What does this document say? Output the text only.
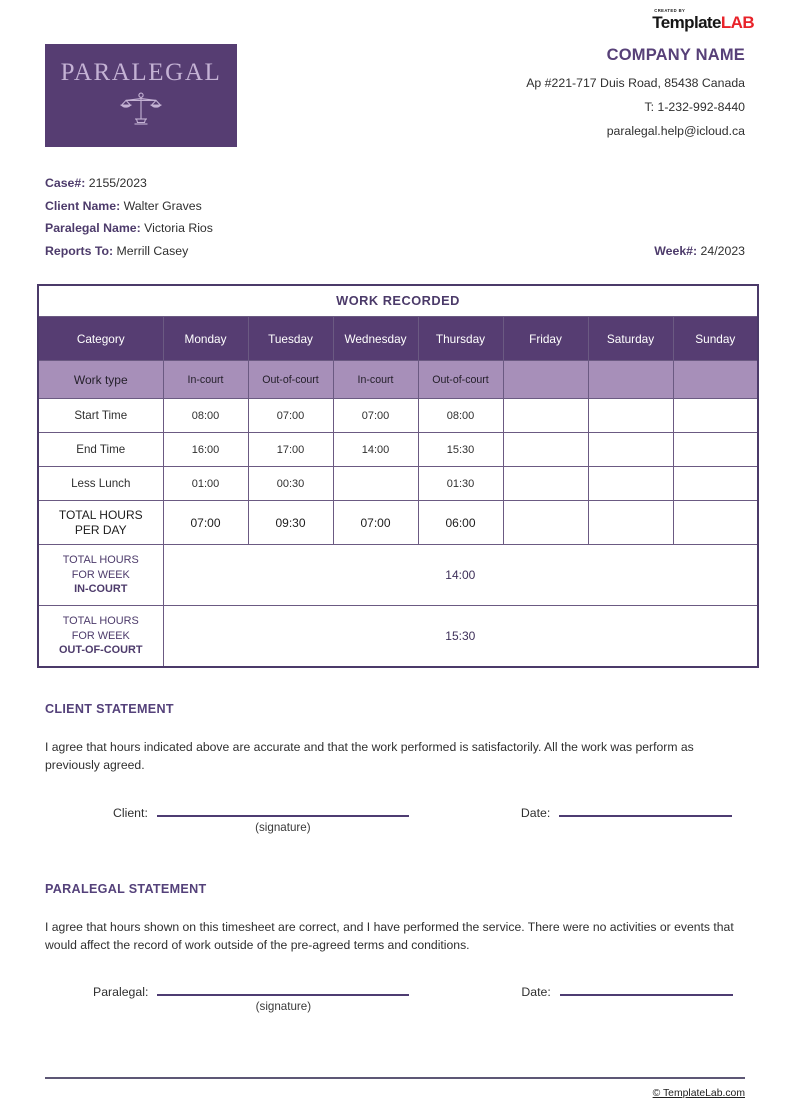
CREATED BY
TemplateLAB
PARALEGAL
COMPANY NAME
Ap #221-717 Duis Road, 85438 Canada
T: 1-232-992-8440
paralegal.help@icloud.ca
Case#: 2155/2023
Client Name: Walter Graves
Paralegal Name: Victoria Rios
Reports To: Merrill Casey	Week#: 24/2023
WORK RECORDED							
Category	Monday	Tuesday	Wednesday	Thursday	Friday	Saturday	Sunday
Work type	In-court	Out-of-court	In-court	Out-of-court			
Start Time	08:00	07:00	07:00	08:00			
End Time	16:00	17:00	14:00	15:30			
Less Lunch	01:00	00:30		01:30			
TOTAL HOURS
PER DAY	07:00	09:30	07:00	06:00			
TOTAL HOURS
FOR WEEK
IN-COURT	14:00						
TOTAL HOURS
FOR WEEK
OUT-OF-COURT	15:30						
CLIENT STATEMENT
I agree that hours indicated above are accurate and that the work performed is satisfactorily. All the work was perform as previously agreed.
Client:
(signature)
Date:
PARALEGAL STATEMENT
I agree that hours shown on this timesheet are correct, and I have performed the service. There were no activities or events that would affect the record of work outside of the pre-agreed terms and conditions.
Paralegal:
(signature)
Date:
© TemplateLab.com
